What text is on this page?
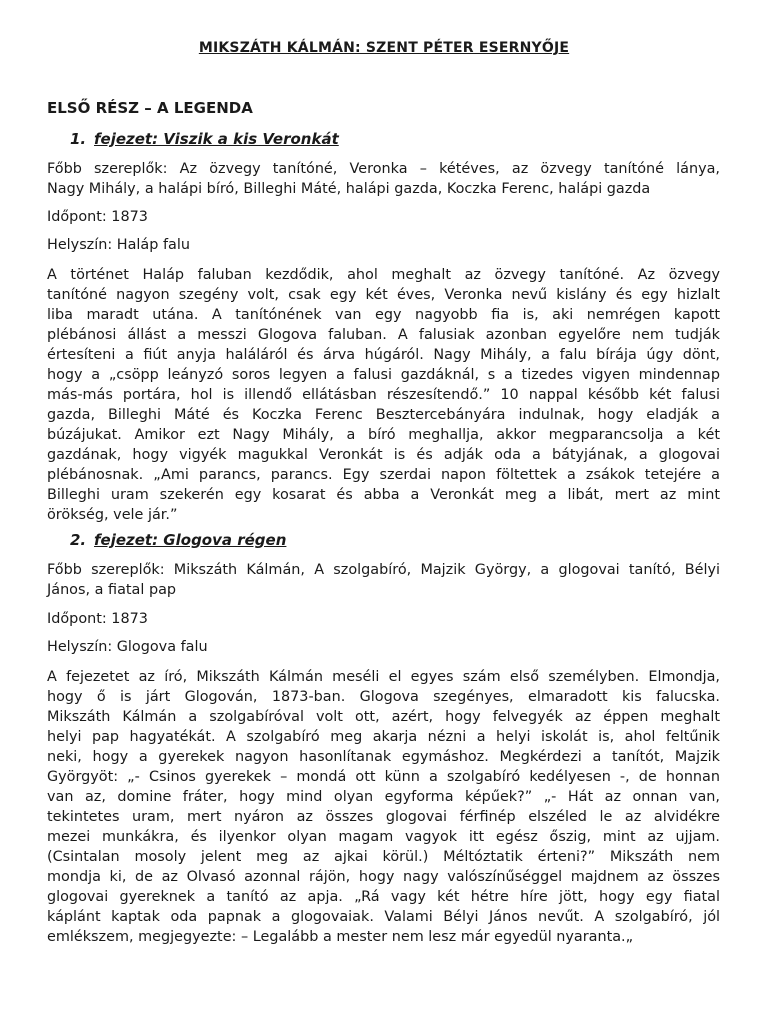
MIKSZÁTH KÁLMÁN: SZENT PÉTER ESERNYŐJE
ELSŐ RÉSZ – A LEGENDA
1. fejezet: Viszik a kis Veronkát
Főbb szereplők: Az özvegy tanítóné, Veronka – kétéves, az özvegy tanítóné lánya,
Nagy Mihály, a halápi bíró, Billeghi Máté, halápi gazda, Koczka Ferenc, halápi gazda

Időpont: 1873

Helyszín: Haláp falu

A történet Haláp faluban kezdődik, ahol meghalt az özvegy tanítóné. Az özvegy
tanítóné nagyon szegény volt, csak egy két éves, Veronka nevű kislány és egy hizlalt
liba maradt utána. A tanítónének van egy nagyobb fia is, aki nemrégen kapott
plébánosi állást a messzi Glogova faluban. A falusiak azonban egyelőre nem tudják
értesíteni a fiút anyja haláláról és árva húgáról. Nagy Mihály, a falu bírája úgy dönt,
hogy a „csöpp leányzó soros legyen a falusi gazdáknál, s a tizedes vigyen mindennap
más-más portára, hol is illendő ellátásban részesítendő.” 10 nappal később két falusi
gazda, Billeghi Máté és Koczka Ferenc Besztercebányára indulnak, hogy eladják a
búzájukat. Amikor ezt Nagy Mihály, a bíró meghallja, akkor megparancsolja a két
gazdának, hogy vigyék magukkal Veronkát is és adják oda a bátyjának, a glogovai
plébánosnak. „Ami parancs, parancs. Egy szerdai napon föltettek a zsákok tetejére a
Billeghi uram szekerén egy kosarat és abba a Veronkát meg a libát, mert az mint
örökség, vele jár.”
2. fejezet: Glogova régen
Főbb szereplők: Mikszáth Kálmán, A szolgabíró, Majzik György, a glogovai tanító, Bélyi
János, a fiatal pap

Időpont: 1873

Helyszín: Glogova falu

A fejezetet az író, Mikszáth Kálmán meséli el egyes szám első személyben. Elmondja,
hogy ő is járt Glogován, 1873-ban. Glogova szegényes, elmaradott kis falucska.
Mikszáth Kálmán a szolgabíróval volt ott, azért, hogy felvegyék az éppen meghalt
helyi pap hagyatékát. A szolgabíró meg akarja nézni a helyi iskolát is, ahol feltűnik
neki, hogy a gyerekek nagyon hasonlítanak egymáshoz. Megkérdezi a tanítót, Majzik
Györgyöt: „- Csinos gyerekek – mondá ott künn a szolgabíró kedélyesen -, de honnan
van az, domine fráter, hogy mind olyan egyforma képűek?” „- Hát az onnan van,
tekintetes uram, mert nyáron az összes glogovai férfinép elszéled le az alvidékre
mezei munkákra, és ilyenkor olyan magam vagyok itt egész őszig, mint az ujjam.
(Csintalan mosoly jelent meg az ajkai körül.) Méltóztatik érteni?” Mikszáth nem
mondja ki, de az Olvasó azonnal rájön, hogy nagy valószínűséggel majdnem az összes
glogovai gyereknek a tanító az apja. „Rá vagy két hétre híre jött, hogy egy fiatal
káplánt kaptak oda papnak a glogovaiak. Valami Bélyi János nevűt. A szolgabíró, jól
emlékszem, megjegyezte: – Legalább a mester nem lesz már egyedül nyaranta.„
